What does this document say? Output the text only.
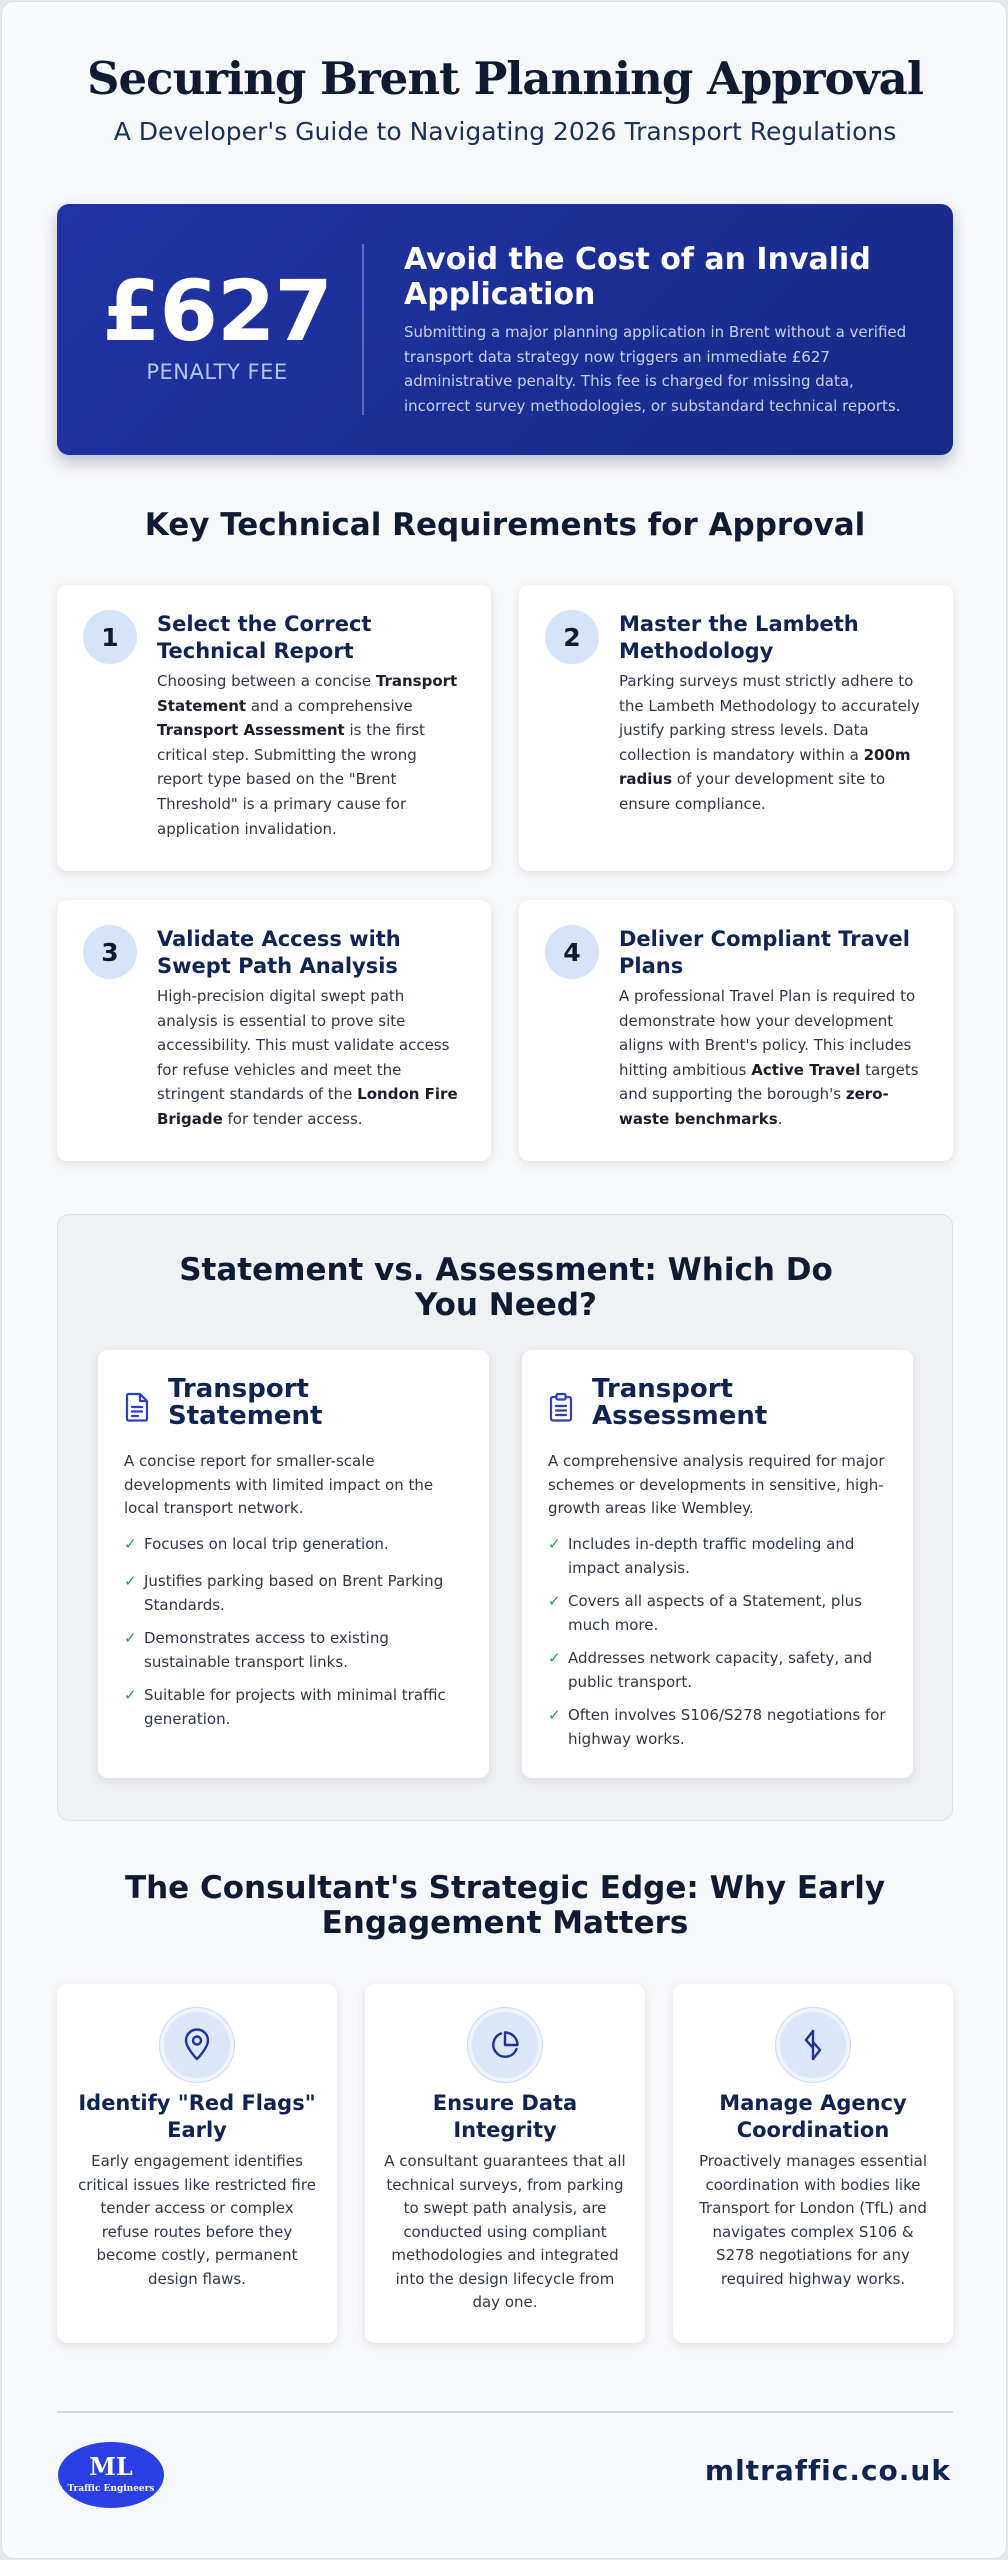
Securing Brent Planning Approval
A Developer's Guide to Navigating 2026 Transport Regulations
£627
PENALTY FEE
Avoid the Cost of an Invalid Application
Submitting a major planning application in Brent without a verified transport data strategy now triggers an immediate £627 administrative penalty. This fee is charged for missing data, incorrect survey methodologies, or substandard technical reports.
Key Technical Requirements for Approval
1	Select the Correct Technical Report
Choosing between a concise Transport Statement and a comprehensive Transport Assessment is the first critical step. Submitting the wrong report type based on the "Brent Threshold" is a primary cause for application invalidation.
2	Master the Lambeth Methodology
Parking surveys must strictly adhere to the Lambeth Methodology to accurately justify parking stress levels. Data collection is mandatory within a 200m radius of your development site to ensure compliance.
3	Validate Access with Swept Path Analysis
High-precision digital swept path analysis is essential to prove site accessibility. This must validate access for refuse vehicles and meet the stringent standards of the London Fire Brigade for tender access.
4	Deliver Compliant Travel Plans
A professional Travel Plan is required to demonstrate how your development aligns with Brent's policy. This includes hitting ambitious Active Travel targets and supporting the borough's zero-waste benchmarks.
Statement vs. Assessment: Which Do You Need?
Transport Statement
A concise report for smaller-scale developments with limited impact on the local transport network.
✓ Focuses on local trip generation.
✓ Justifies parking based on Brent Parking Standards.
✓ Demonstrates access to existing sustainable transport links.
✓ Suitable for projects with minimal traffic generation.
Transport Assessment
A comprehensive analysis required for major schemes or developments in sensitive, high-growth areas like Wembley.
✓ Includes in-depth traffic modeling and impact analysis.
✓ Covers all aspects of a Statement, plus much more.
✓ Addresses network capacity, safety, and public transport.
✓ Often involves S106/S278 negotiations for highway works.
The Consultant's Strategic Edge: Why Early Engagement Matters
Identify "Red Flags" Early
Early engagement identifies critical issues like restricted fire tender access or complex refuse routes before they become costly, permanent design flaws.
Ensure Data Integrity
A consultant guarantees that all technical surveys, from parking to swept path analysis, are conducted using compliant methodologies and integrated into the design lifecycle from day one.
Manage Agency Coordination
Proactively manages essential coordination with bodies like Transport for London (TfL) and navigates complex S106 & S278 negotiations for any required highway works.
ML
Traffic Engineers
mltraffic.co.uk
